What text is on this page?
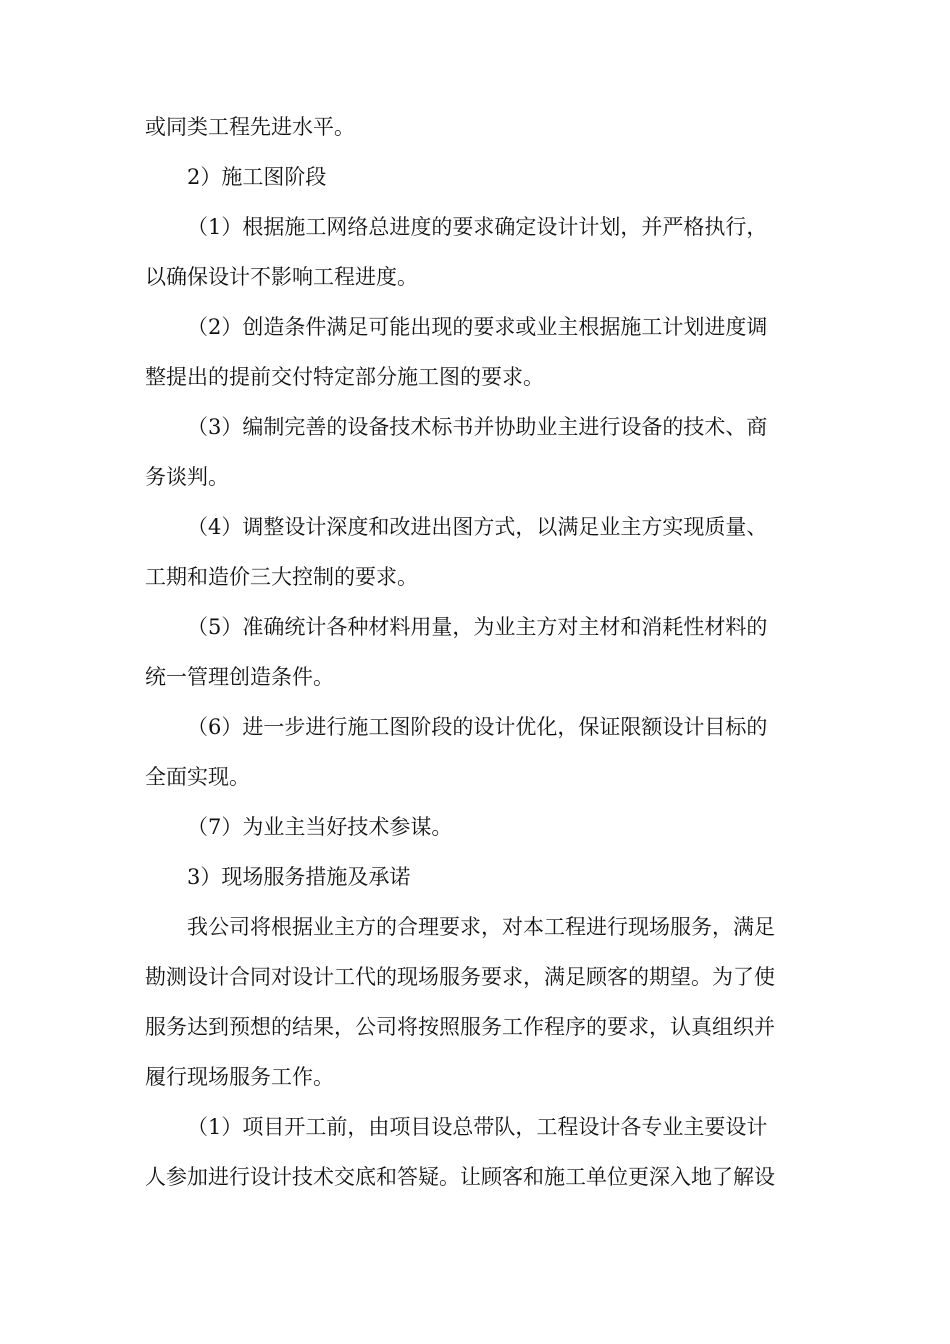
或同类工程先进水平。
2）施工图阶段
（1）根据施工网络总进度的要求确定设计计划，并严格执行，
以确保设计不影响工程进度。
（2）创造条件满足可能出现的要求或业主根据施工计划进度调
整提出的提前交付特定部分施工图的要求。
（3）编制完善的设备技术标书并协助业主进行设备的技术、商
务谈判。
（4）调整设计深度和改进出图方式，以满足业主方实现质量、
工期和造价三大控制的要求。
（5）准确统计各种材料用量，为业主方对主材和消耗性材料的
统一管理创造条件。
（6）进一步进行施工图阶段的设计优化，保证限额设计目标的
全面实现。
（7）为业主当好技术参谋。
3）现场服务措施及承诺
我公司将根据业主方的合理要求，对本工程进行现场服务，满足
勘测设计合同对设计工代的现场服务要求，满足顾客的期望。为了使
服务达到预想的结果，公司将按照服务工作程序的要求，认真组织并
履行现场服务工作。
（1）项目开工前，由项目设总带队，工程设计各专业主要设计
人参加进行设计技术交底和答疑。让顾客和施工单位更深入地了解设
